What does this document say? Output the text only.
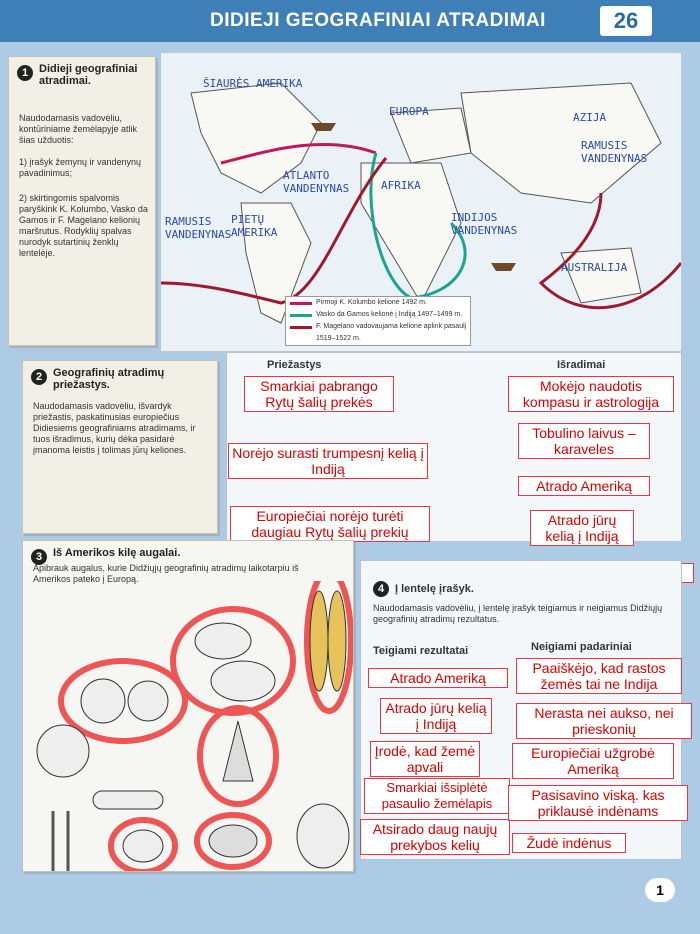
DIDIEJI GEOGRAFINIAI ATRADIMAI	26
1 Didieji geografiniai atradimai.
Naudodamasis vadovėliu, kontūriniame žemėlapyje atlik šias užduotis:
1) įrašyk žemynų ir vandenynų pavadinimus;
2) skirtingomis spalvomis paryškink K. Kolumbo, Vasko da Gamos ir F. Magelano kelionių maršrutus. Rodyklių spalvas nurodyk sutartinių ženklų lentelėje.
ŠIAURĖS AMERIKA
EUROPA	AZIJA
RAMUSIS VANDENYNAS
ATLANTO VANDENYNAS	AFRIKA
RAMUSIS VANDENYNAS
PIETŲ AMERIKA
INDIJOS VANDENYNAS
AUSTRALIJA
Pirmoji K. Kolumbo kelionė 1492 m.
Vasko da Gamos kelionė į Indiją 1497–1499 m.
F. Magelano vadovaujama kelionė aplink pasaulį 1519–1522 m.
2 Geografinių atradimų priežastys.
Naudodamasis vadovėliu, išvardyk priežastis, paskatinusias europiečius Didiesiems geografiniams atradimams, ir tuos išradimus, kurių dėka pasidarė įmanoma leistis į tolimas jūrų keliones.
Priežastys	Išradimai
Smarkiai pabrango Rytų šalių prekės
Norėjo surasti trumpesnį kelią į Indiją
Europiečiai norėjo turėti daugiau Rytų šalių prekių
Mokėjo naudotis kompasu ir astrologija
Tobulino laivus – karaveles
Atrado Ameriką
Atrado jūrų kelią į Indiją
3 Iš Amerikos kilę augalai.
Apibrauk augalus, kurie Didžiųjų geografinių atradimų laikotarpiu iš Amerikos pateko į Europą.
4 Į lentelę įrašyk.
Naudodamasis vadovėliu, į lentelę įrašyk teigiamus ir neigiamus Didžiųjų geografinių atradimų rezultatus.
Teigiami rezultatai	Neigiami padariniai
Atrado Ameriką
Atrado jūrų kelią į Indiją
Įrodė, kad žemė apvali
Smarkiai išsiplėtė pasaulio žemėlapis
Atsirado daug naujų prekybos kelių
Paaiškėjo, kad rastos žemės tai ne Indija
Nerasta nei aukso, nei prieskonių
Europiečiai užgrobė Ameriką
Pasisavino viską. kas priklausė indėnams
Žudė indėnus
1
